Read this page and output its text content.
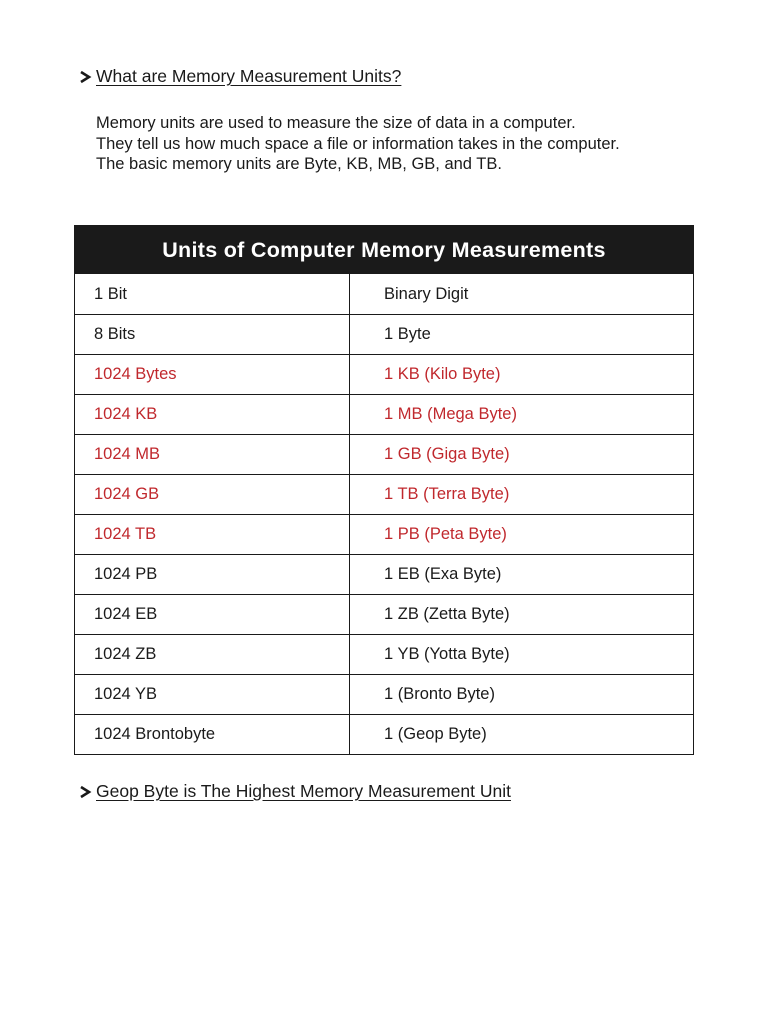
What are Memory Measurement Units?
Memory units are used to measure the size of data in a computer.
They tell us how much space a file or information takes in the computer.
The basic memory units are Byte, KB, MB, GB, and TB.
Units of Computer Memory Measurements
1 Bit	Binary Digit
8 Bits	1 Byte
1024 Bytes	1 KB (Kilo Byte)
1024 KB	1 MB (Mega Byte)
1024 MB	1 GB (Giga Byte)
1024 GB	1 TB (Terra Byte)
1024 TB	1 PB (Peta Byte)
1024 PB	1 EB (Exa Byte)
1024 EB	1 ZB (Zetta Byte)
1024 ZB	1 YB (Yotta Byte)
1024 YB	1 (Bronto Byte)
1024 Brontobyte	1 (Geop Byte)
Geop Byte is The Highest Memory Measurement Unit
